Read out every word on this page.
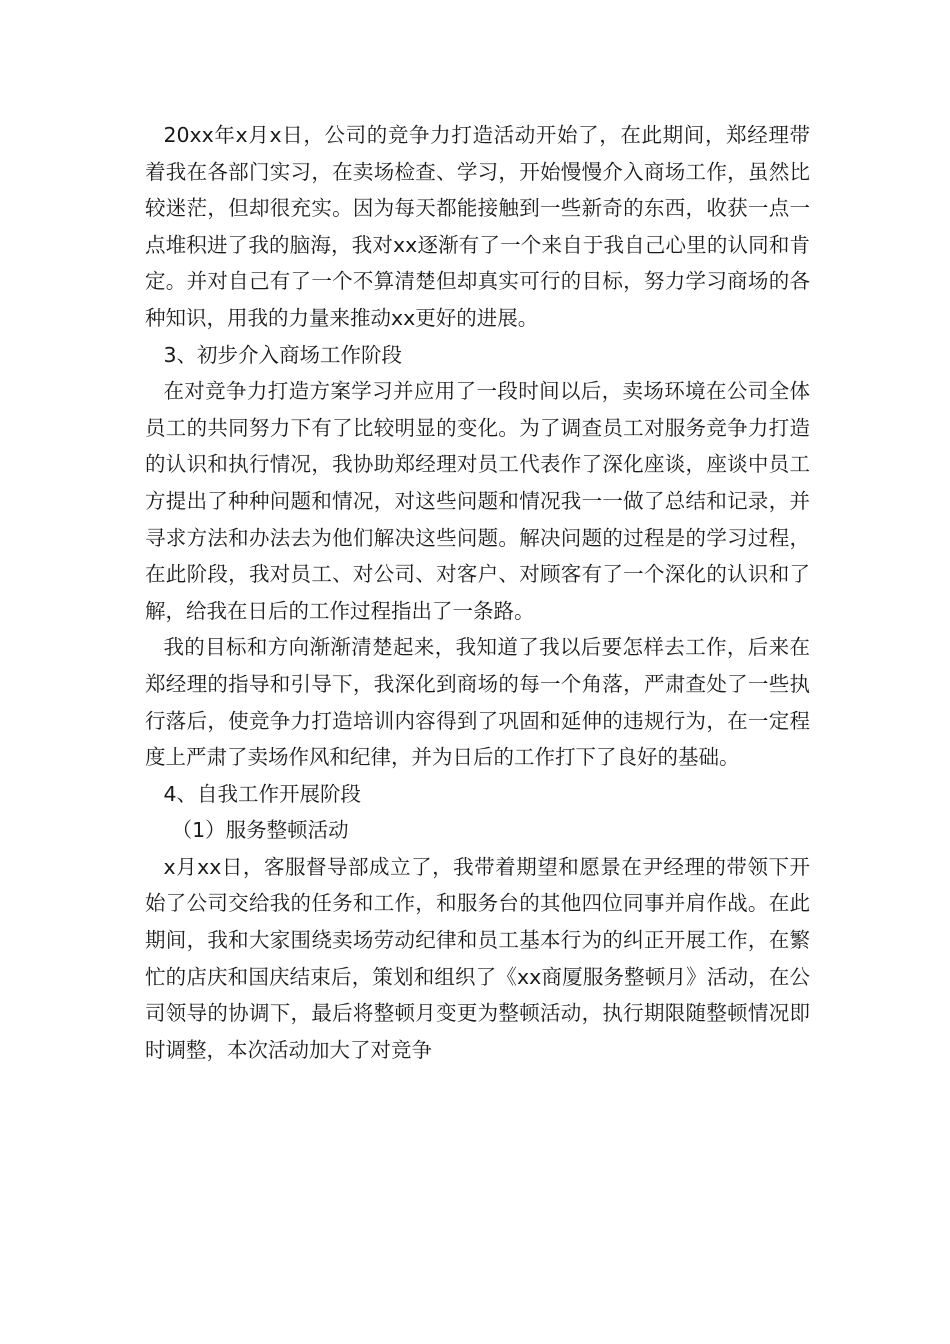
20xx年x月x日，公司的竞争力打造活动开始了，在此期间，郑经理带着我在各部门实习，在卖场检查、学习，开始慢慢介入商场工作，虽然比较迷茫，但却很充实。因为每天都能接触到一些新奇的东西，收获一点一点堆积进了我的脑海，我对xx逐渐有了一个来自于我自己心里的认同和肯定。并对自己有了一个不算清楚但却真实可行的目标，努力学习商场的各种知识，用我的力量来推动xx更好的进展。

3、初步介入商场工作阶段

在对竞争力打造方案学习并应用了一段时间以后，卖场环境在公司全体员工的共同努力下有了比较明显的变化。为了调查员工对服务竞争力打造的认识和执行情况，我协助郑经理对员工代表作了深化座谈，座谈中员工方提出了种种问题和情况，对这些问题和情况我一一做了总结和记录，并寻求方法和办法去为他们解决这些问题。解决问题的过程是的学习过程，在此阶段，我对员工、对公司、对客户、对顾客有了一个深化的认识和了解，给我在日后的工作过程指出了一条路。

我的目标和方向渐渐清楚起来，我知道了我以后要怎样去工作，后来在郑经理的指导和引导下，我深化到商场的每一个角落，严肃查处了一些执行落后，使竞争力打造培训内容得到了巩固和延伸的违规行为，在一定程度上严肃了卖场作风和纪律，并为日后的工作打下了良好的基础。

4、自我工作开展阶段

（1）服务整顿活动

x月xx日，客服督导部成立了，我带着期望和愿景在尹经理的带领下开始了公司交给我的任务和工作，和服务台的其他四位同事并肩作战。在此期间，我和大家围绕卖场劳动纪律和员工基本行为的纠正开展工作，在繁忙的店庆和国庆结束后，策划和组织了《xx商厦服务整顿月》活动，在公司领导的协调下，最后将整顿月变更为整顿活动，执行期限随整顿情况即时调整，本次活动加大了对竞争
